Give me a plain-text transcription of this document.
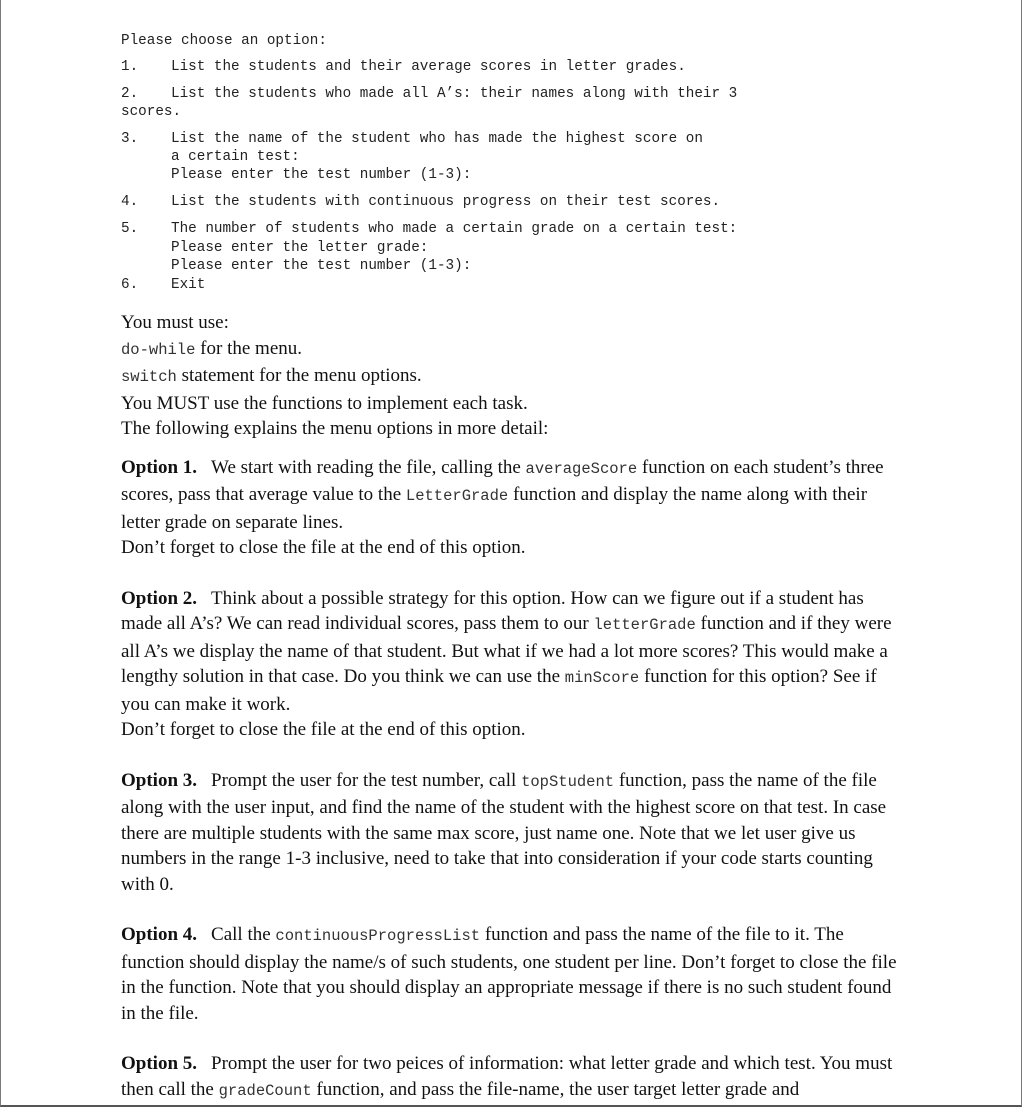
Please choose an option:
1.	List the students and their average scores in letter grades.
2.	List the students who made all A’s: their names along with their 3
scores.
3.	List the name of the student who has made the highest score on
a certain test:
Please enter the test number (1-3):
4.	List the students with continuous progress on their test scores.
5.	The number of students who made a certain grade on a certain test:
Please enter the letter grade:
Please enter the test number (1-3):
6.	Exit

You must use:

do-while for the menu.

switch statement for the menu options.

You MUST use the functions to implement each task.

The following explains the menu options in more detail:

Option 1. We start with reading the file, calling the averageScore function on each student’s three scores, pass that average value to the LetterGrade function and display the name along with their letter grade on separate lines.

Don’t forget to close the file at the end of this option.

Option 2. Think about a possible strategy for this option. How can we figure out if a student has made all A’s? We can read individual scores, pass them to our letterGrade function and if they were all A’s we display the name of that student. But what if we had a lot more scores? This would make a lengthy solution in that case. Do you think we can use the minScore function for this option? See if you can make it work.

Don’t forget to close the file at the end of this option.

Option 3. Prompt the user for the test number, call topStudent function, pass the name of the file along with the user input, and find the name of the student with the highest score on that test. In case there are multiple students with the same max score, just name one. Note that we let user give us numbers in the range 1-3 inclusive, need to take that into consideration if your code starts counting with 0.

Option 4. Call the continuousProgressList function and pass the name of the file to it. The function should display the name/s of such students, one student per line. Don’t forget to close the file in the function. Note that you should display an appropriate message if there is no such student found in the file.

Option 5. Prompt the user for two peices of information: what letter grade and which test. You must then call the gradeCount function, and pass the file-name, the user target letter grade and
